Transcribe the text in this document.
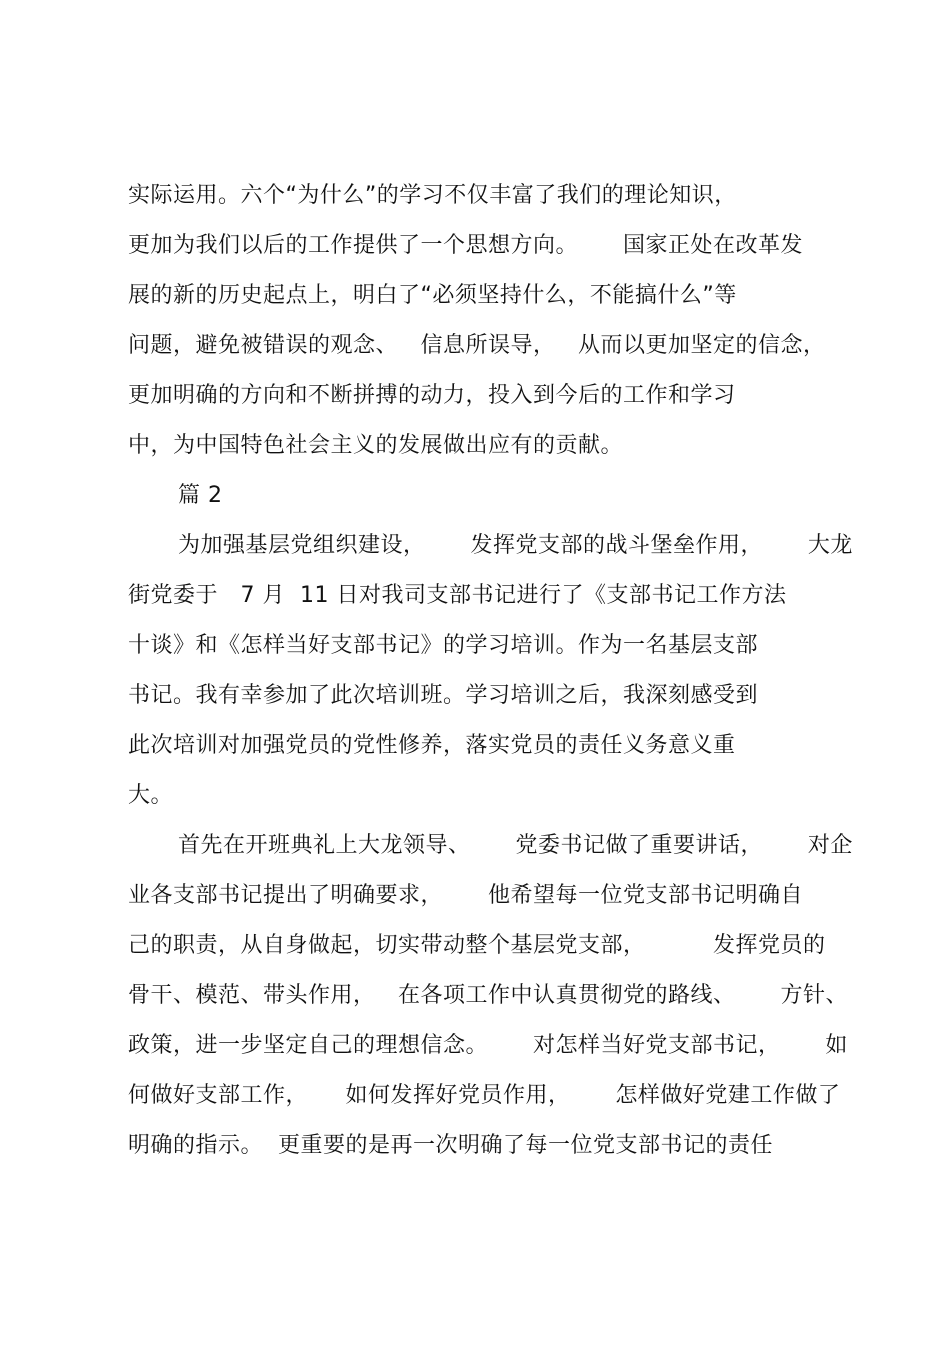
实际运用。六个“为什么”的学习不仅丰富了我们的理论知识，
更加为我们以后的工作提供了一个思想方向。      国家正处在改革发
展的新的历史起点上，明白了“必须坚持什么，不能搞什么”等
问题，避免被错误的观念、   信息所误导，   从而以更加坚定的信念，
更加明确的方向和不断拼搏的动力，投入到今后的工作和学习
中，为中国特色社会主义的发展做出应有的贡献。
篇 2
为加强基层党组织建设，      发挥党支部的战斗堡垒作用，      大龙
街党委于   7 月  11 日对我司支部书记进行了《支部书记工作方法
十谈》和《怎样当好支部书记》的学习培训。作为一名基层支部
书记。我有幸参加了此次培训班。学习培训之后，我深刻感受到
此次培训对加强党员的党性修养，落实党员的责任义务意义重
大。
首先在开班典礼上大龙领导、      党委书记做了重要讲话，      对企
业各支部书记提出了明确要求，      他希望每一位党支部书记明确自
己的职责，从自身做起，切实带动整个基层党支部，         发挥党员的
骨干、模范、带头作用，   在各项工作中认真贯彻党的路线、      方针、
政策，进一步坚定自己的理想信念。      对怎样当好党支部书记，      如
何做好支部工作，     如何发挥好党员作用，      怎样做好党建工作做了
明确的指示。  更重要的是再一次明确了每一位党支部书记的责任
